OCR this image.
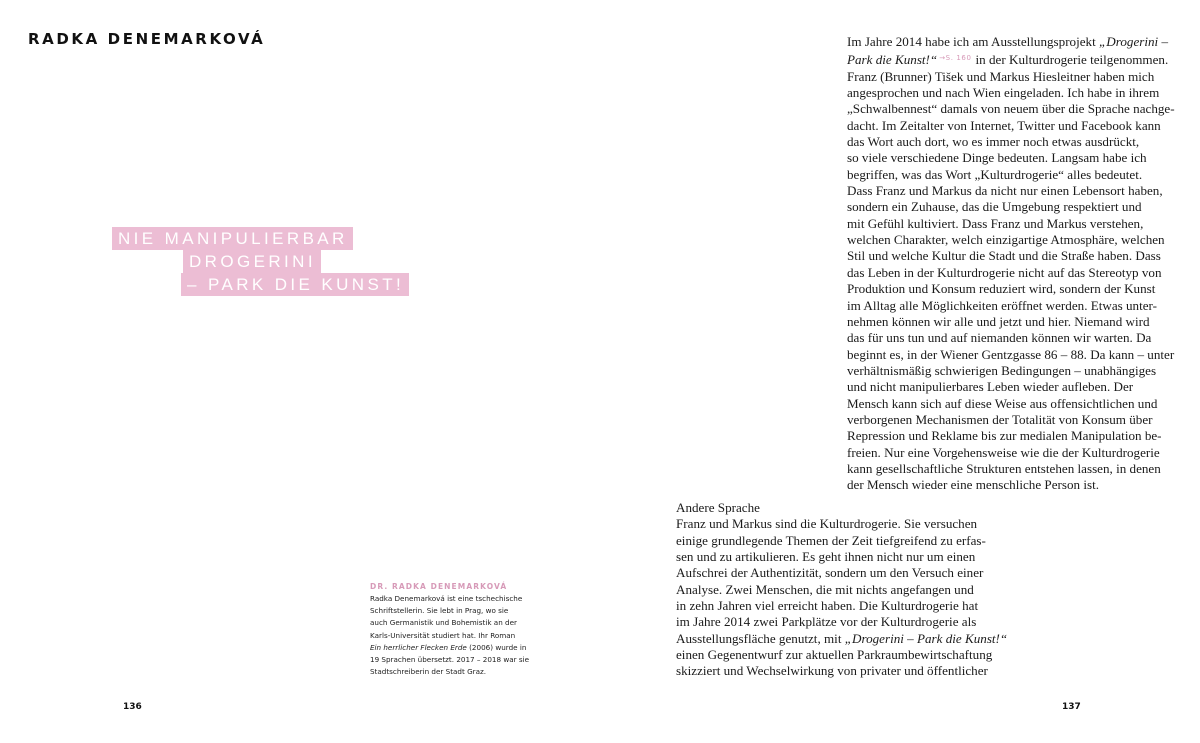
RADKA DENEMARKOVÁ
NIE MANIPULIERBAR
DROGERINI
– PARK DIE KUNST!
DR. RADKA DENEMARKOVÁ
Radka Denemarková ist eine tschechische
Schriftstellerin. Sie lebt in Prag, wo sie
auch Germanistik und Bohemistik an der
Karls-Universität studiert hat. Ihr Roman
Ein herrlicher Flecken Erde (2006) wurde in
19 Sprachen übersetzt. 2017 – 2018 war sie
Stadtschreiberin der Stadt Graz.
Im Jahre 2014 habe ich am Ausstellungsprojekt „Drogerini –
Park die Kunst!“ $^{\to S. 160}$ in der Kulturdrogerie teilgenommen.
Franz (Brunner) Tišek und Markus Hiesleitner haben mich
angesprochen und nach Wien eingeladen. Ich habe in ihrem
„Schwalbennest“ damals von neuem über die Sprache nachge-
dacht. Im Zeitalter von Internet, Twitter und Facebook kann
das Wort auch dort, wo es immer noch etwas ausdrückt,
so viele verschiedene Dinge bedeuten. Langsam habe ich
begriffen, was das Wort „Kulturdrogerie“ alles bedeutet.
Dass Franz und Markus da nicht nur einen Lebensort haben,
sondern ein Zuhause, das die Umgebung respektiert und
mit Gefühl kultiviert. Dass Franz und Markus verstehen,
welchen Charakter, welch einzigartige Atmosphäre, welchen
Stil und welche Kultur die Stadt und die Straße haben. Dass
das Leben in der Kulturdrogerie nicht auf das Stereotyp von
Produktion und Konsum reduziert wird, sondern der Kunst
im Alltag alle Möglichkeiten eröffnet werden. Etwas unter-
nehmen können wir alle und jetzt und hier. Niemand wird
das für uns tun und auf niemanden können wir warten. Da
beginnt es, in der Wiener Gentzgasse 86 – 88. Da kann – unter
verhältnismäßig schwierigen Bedingungen – unabhängiges
und nicht manipulierbares Leben wieder aufleben. Der
Mensch kann sich auf diese Weise aus offensichtlichen und
verborgenen Mechanismen der Totalität von Konsum über
Repression und Reklame bis zur medialen Manipulation be-
freien. Nur eine Vorgehensweise wie die der Kulturdrogerie
kann gesellschaftliche Strukturen entstehen lassen, in denen
der Mensch wieder eine menschliche Person ist.
Andere Sprache
Franz und Markus sind die Kulturdrogerie. Sie versuchen
einige grundlegende Themen der Zeit tiefgreifend zu erfas-
sen und zu artikulieren. Es geht ihnen nicht nur um einen
Aufschrei der Authentizität, sondern um den Versuch einer
Analyse. Zwei Menschen, die mit nichts angefangen und
in zehn Jahren viel erreicht haben. Die Kulturdrogerie hat
im Jahre 2014 zwei Parkplätze vor der Kulturdrogerie als
Ausstellungsfläche genutzt, mit „Drogerini – Park die Kunst!“
einen Gegenentwurf zur aktuellen Parkraumbewirtschaftung
skizziert und Wechselwirkung von privater und öffentlicher
136	137
